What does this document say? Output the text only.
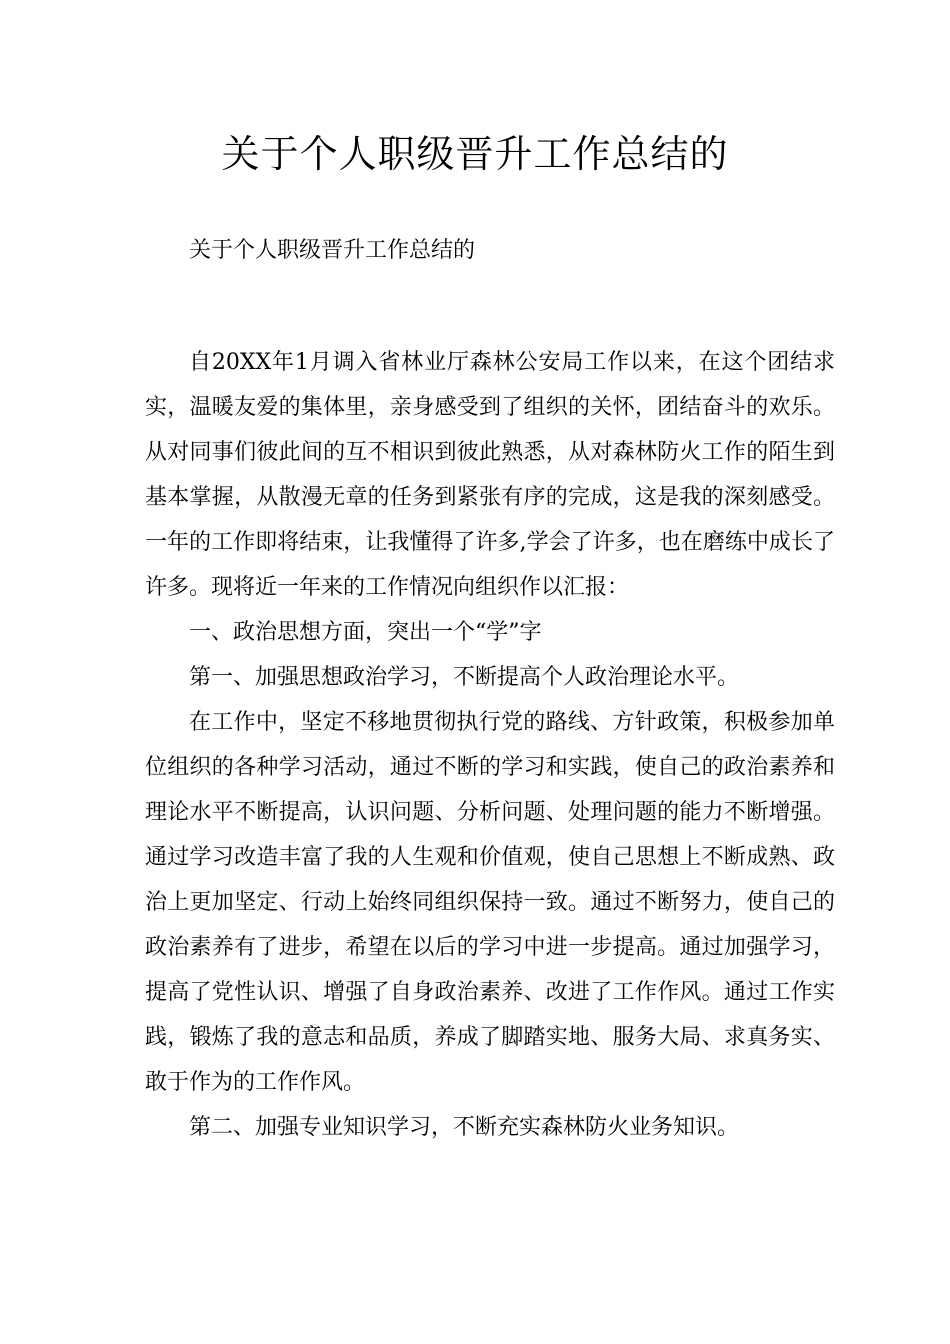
关于个人职级晋升工作总结的

关于个人职级晋升工作总结的

自20XX年1月调入省林业厅森林公安局工作以来，在这个团结求实，温暖友爱的集体里，亲身感受到了组织的关怀，团结奋斗的欢乐。从对同事们彼此间的互不相识到彼此熟悉，从对森林防火工作的陌生到基本掌握，从散漫无章的任务到紧张有序的完成，这是我的深刻感受。一年的工作即将结束，让我懂得了许多,学会了许多，也在磨练中成长了许多。现将近一年来的工作情况向组织作以汇报：

一、政治思想方面，突出一个“学”字

第一、加强思想政治学习，不断提高个人政治理论水平。

在工作中，坚定不移地贯彻执行党的路线、方针政策，积极参加单位组织的各种学习活动，通过不断的学习和实践，使自己的政治素养和理论水平不断提高，认识问题、分析问题、处理问题的能力不断增强。通过学习改造丰富了我的人生观和价值观，使自己思想上不断成熟、政治上更加坚定、行动上始终同组织保持一致。通过不断努力，使自己的政治素养有了进步，希望在以后的学习中进一步提高。通过加强学习，提高了党性认识、增强了自身政治素养、改进了工作作风。通过工作实践，锻炼了我的意志和品质，养成了脚踏实地、服务大局、求真务实、敢于作为的工作作风。

第二、加强专业知识学习，不断充实森林防火业务知识。
